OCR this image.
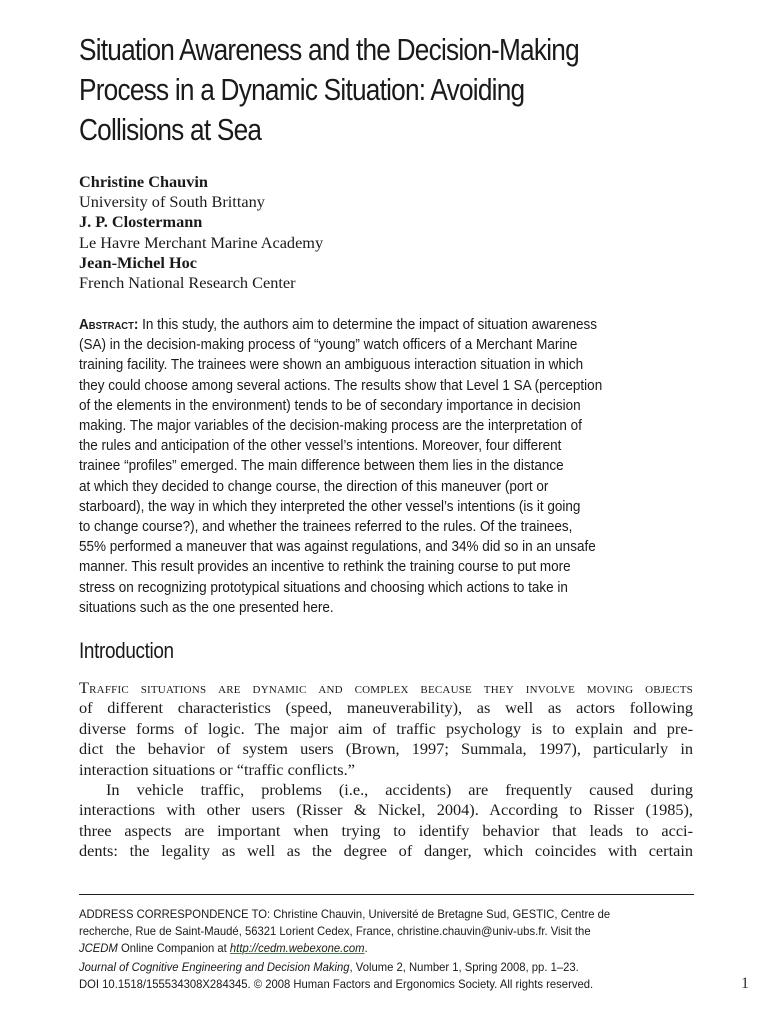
Situation Awareness and the Decision-Making
Process in a Dynamic Situation: Avoiding
Collisions at Sea
Christine Chauvin
University of South Brittany
J. P. Clostermann
Le Havre Merchant Marine Academy
Jean-Michel Hoc
French National Research Center
Abstract: In this study, the authors aim to determine the impact of situation awareness
(SA) in the decision-making process of “young” watch officers of a Merchant Marine
training facility. The trainees were shown an ambiguous interaction situation in which
they could choose among several actions. The results show that Level 1 SA (perception
of the elements in the environment) tends to be of secondary importance in decision
making. The major variables of the decision-making process are the interpretation of
the rules and anticipation of the other vessel’s intentions. Moreover, four different
trainee “profiles” emerged. The main difference between them lies in the distance
at which they decided to change course, the direction of this maneuver (port or
starboard), the way in which they interpreted the other vessel’s intentions (is it going
to change course?), and whether the trainees referred to the rules. Of the trainees,
55% performed a maneuver that was against regulations, and 34% did so in an unsafe
manner. This result provides an incentive to rethink the training course to put more
stress on recognizing prototypical situations and choosing which actions to take in
situations such as the one presented here.
Introduction
Traffic situations are dynamic and complex because they involve moving objects
of different characteristics (speed, maneuverability), as well as actors following
diverse forms of logic. The major aim of traffic psychology is to explain and pre-
dict the behavior of system users (Brown, 1997; Summala, 1997), particularly in
interaction situations or “traffic conflicts.”
In vehicle traffic, problems (i.e., accidents) are frequently caused during
interactions with other users (Risser & Nickel, 2004). According to Risser (1985),
three aspects are important when trying to identify behavior that leads to acci-
dents: the legality as well as the degree of danger, which coincides with certain
ADDRESS CORRESPONDENCE TO: Christine Chauvin, Université de Bretagne Sud, GESTIC, Centre de
recherche, Rue de Saint-Maudé, 56321 Lorient Cedex, France, christine.chauvin@univ-ubs.fr. Visit the
JCEDM Online Companion at http://cedm.webexone.com.
Journal of Cognitive Engineering and Decision Making, Volume 2, Number 1, Spring 2008, pp. 1–23.
DOI 10.1518/155534308X284345. © 2008 Human Factors and Ergonomics Society. All rights reserved.	1
